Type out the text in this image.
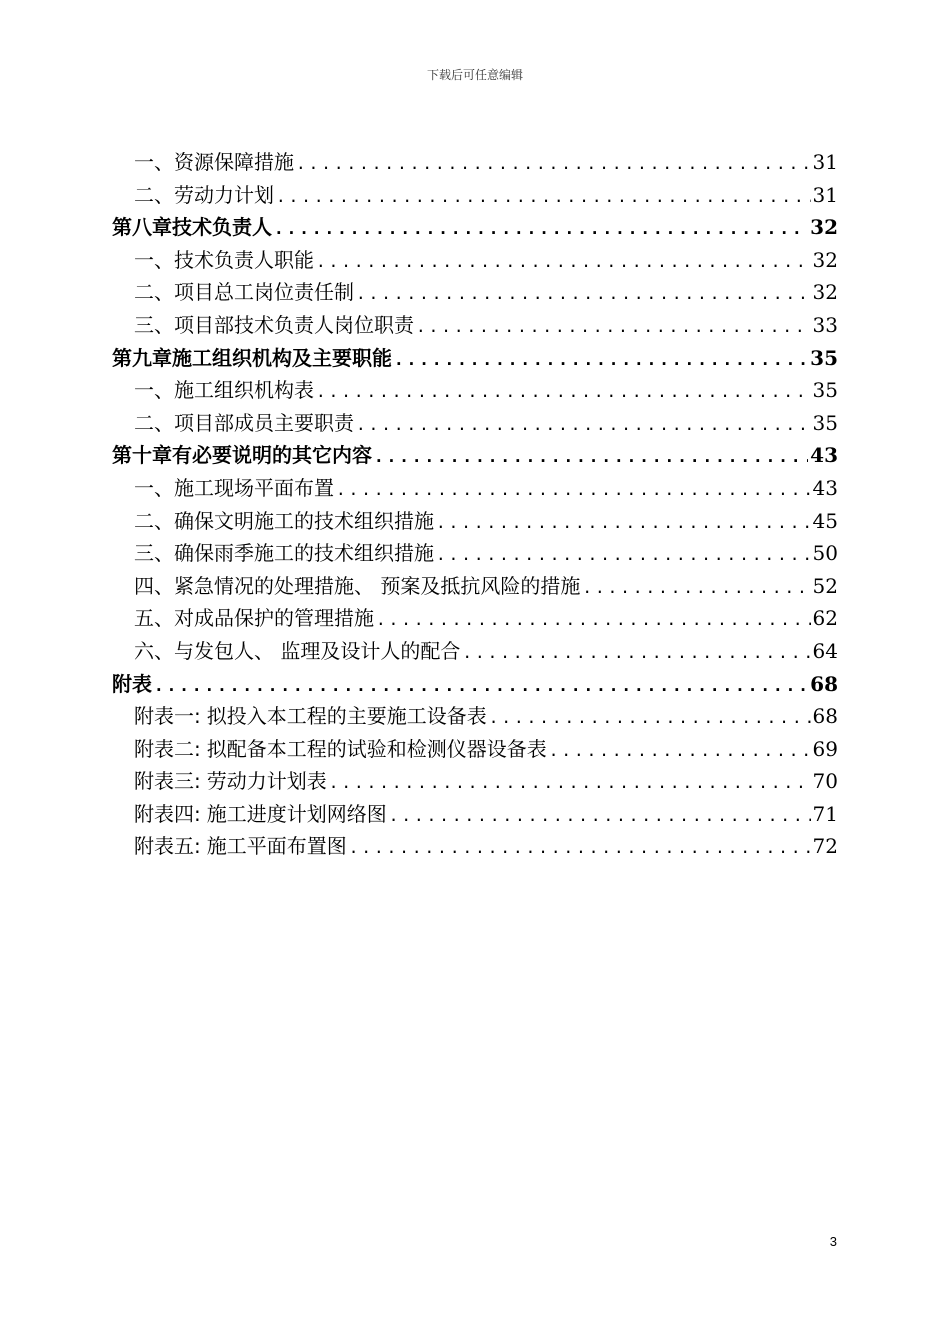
下载后可任意编辑
一、 资源保障措施 .....	31
二、 劳动力计划 .....	31
第八章 技术负责人 .....	32
一、 技术负责人职能 .....	32
二、 项目总工岗位责任制 .....	32
三、 项目部技术负责人岗位职责 .....	33
第九章 施工组织机构及主要职能 .....	35
一、 施工组织机构表 .....	35
二、 项目部成员主要职责 .....	35
第十章 有必要说明的其它内容 .....	43
一、 施工现场平面布置 .....	43
二、 确保文明施工的技术组织措施 .....	45
三、 确保雨季施工的技术组织措施 .....	50
四、 紧急情况的处理措施、 预案及抵抗风险的措施 .....	52
五、 对成品保护的管理措施 .....	62
六、 与发包人、 监理及设计人的配合 .....	64
附表 .....	68
附表一: 拟投入本工程的主要施工设备表 .....	68
附表二: 拟配备本工程的试验和检测仪器设备表 .....	69
附表三: 劳动力计划表 .....	70
附表四: 施工进度计划网络图 .....	71
附表五: 施工平面布置图 .....	72
3
